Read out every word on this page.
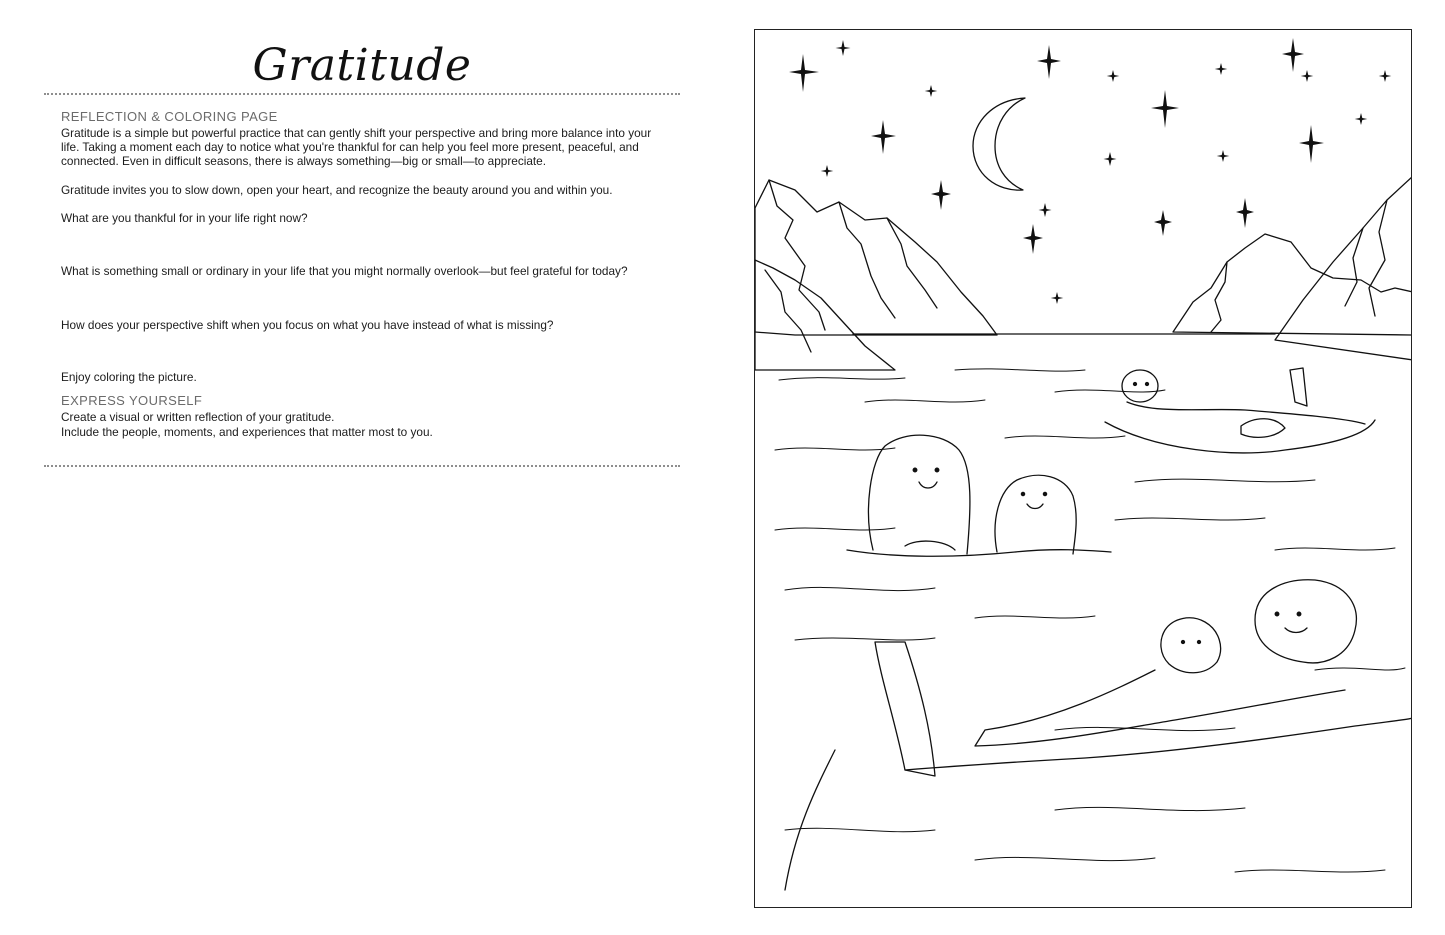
Gratitude

REFLECTION & COLORING PAGE

Gratitude is a simple but powerful practice that can gently shift your perspective and bring more balance into your life. Taking a moment each day to notice what you're thankful for can help you feel more present, peaceful, and connected. Even in difficult seasons, there is always something—big or small—to appreciate.

Gratitude invites you to slow down, open your heart, and recognize the beauty around you and within you.

What are you thankful for in your life right now?

What is something small or ordinary in your life that you might normally overlook—but feel grateful for today?

How does your perspective shift when you focus on what you have instead of what is missing?

Enjoy coloring the picture.

EXPRESS YOURSELF

Create a visual or written reflection of your gratitude.

Include the people, moments, and experiences that matter most to you.
